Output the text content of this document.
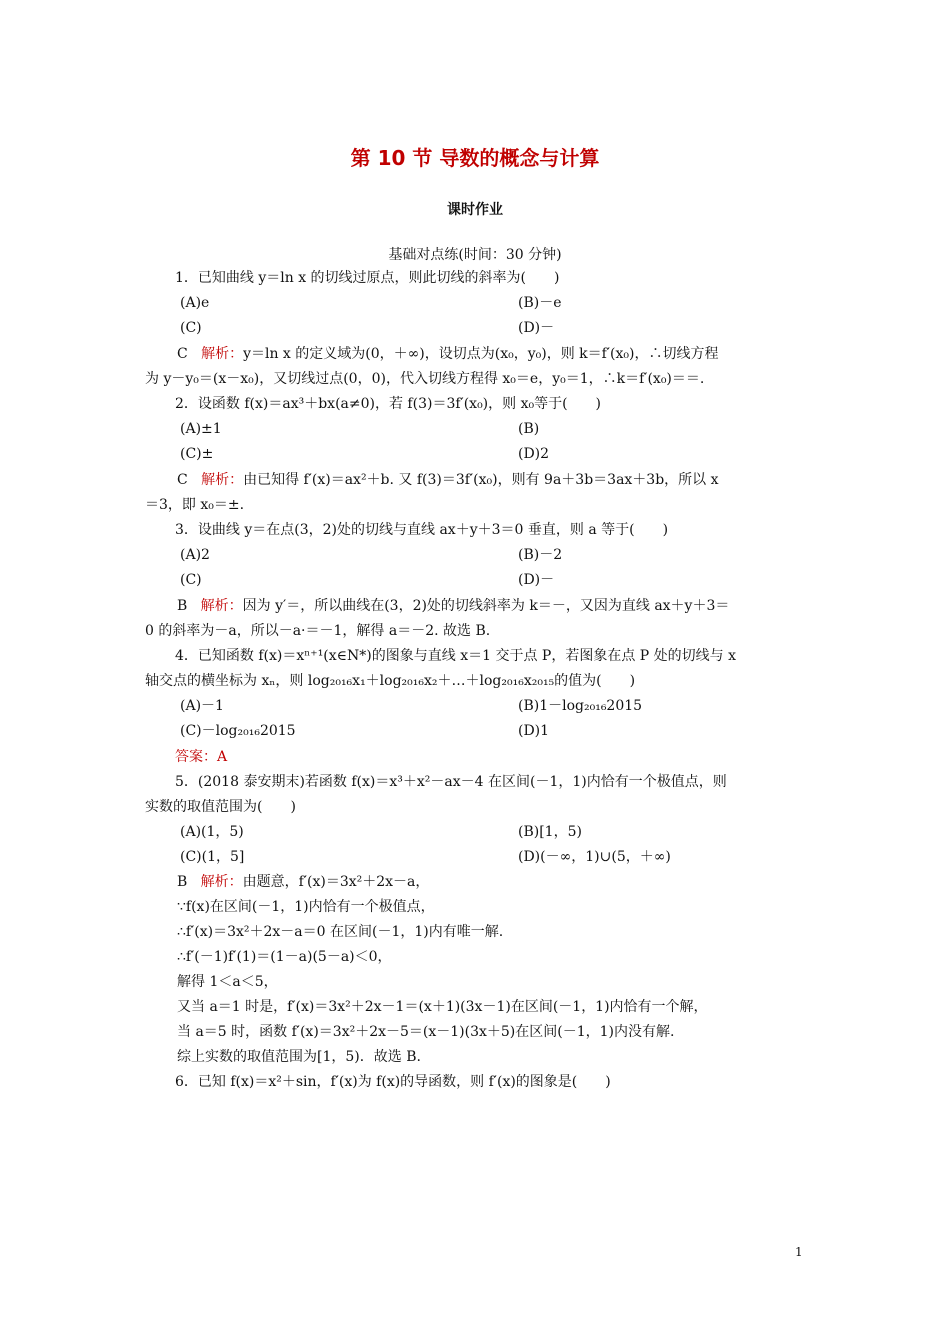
第 10 节 导数的概念与计算
课时作业
基础对点练(时间：30 分钟)
1．已知曲线 y＝ln x 的切线过原点，则此切线的斜率为(　　)
(A)e	(B)－e
(C)	(D)－
C 解析：y＝ln x 的定义域为(0，＋∞)，设切点为(x₀，y₀)，则 k＝f′(x₀)，∴切线方程
为 y－y₀＝(x－x₀)，又切线过点(0，0)，代入切线方程得 x₀＝e，y₀＝1，∴k＝f′(x₀)＝＝.
2．设函数 f(x)＝ax³＋bx(a≠0)，若 f(3)＝3f′(x₀)，则 x₀等于(　　)
(A)±1	(B)
(C)±	(D)2
C 解析：由已知得 f′(x)＝ax²＋b. 又 f(3)＝3f′(x₀)，则有 9a＋3b＝3ax＋3b，所以 x
＝3，即 x₀＝±.
3．设曲线 y＝在点(3，2)处的切线与直线 ax＋y＋3＝0 垂直，则 a 等于(　　)
(A)2	(B)－2
(C)	(D)－
B 解析：因为 y′＝，所以曲线在(3，2)处的切线斜率为 k＝－，又因为直线 ax＋y＋3＝
0 的斜率为－a，所以－a·＝－1，解得 a＝－2. 故选 B.
4．已知函数 f(x)＝xⁿ⁺¹(x∈N*)的图象与直线 x＝1 交于点 P，若图象在点 P 处的切线与 x
轴交点的横坐标为 xₙ，则 log₂₀₁₆x₁＋log₂₀₁₆x₂＋…＋log₂₀₁₆x₂₀₁₅的值为(　　)
(A)－1	(B)1－log₂₀₁₆2015
(C)－log₂₀₁₆2015	(D)1
答案：A
5．(2018 泰安期末)若函数 f(x)＝x³＋x²－ax－4 在区间(－1，1)内恰有一个极值点，则
实数的取值范围为(　　)
(A)(1，5)	(B)[1，5)
(C)(1，5]	(D)(－∞，1)∪(5，＋∞)
B 解析：由题意，f′(x)＝3x²＋2x－a，
∵f(x)在区间(－1，1)内恰有一个极值点，
∴f′(x)＝3x²＋2x－a＝0 在区间(－1，1)内有唯一解.
∴f′(－1)f′(1)＝(1－a)(5－a)＜0，
解得 1＜a＜5，
又当 a＝1 时是，f′(x)＝3x²＋2x－1＝(x＋1)(3x－1)在区间(－1，1)内恰有一个解，
当 a＝5 时，函数 f′(x)＝3x²＋2x－5＝(x－1)(3x＋5)在区间(－1，1)内没有解.
综上实数的取值范围为[1，5)．故选 B.
6．已知 f(x)＝x²＋sin，f′(x)为 f(x)的导函数，则 f′(x)的图象是(　　)
1
